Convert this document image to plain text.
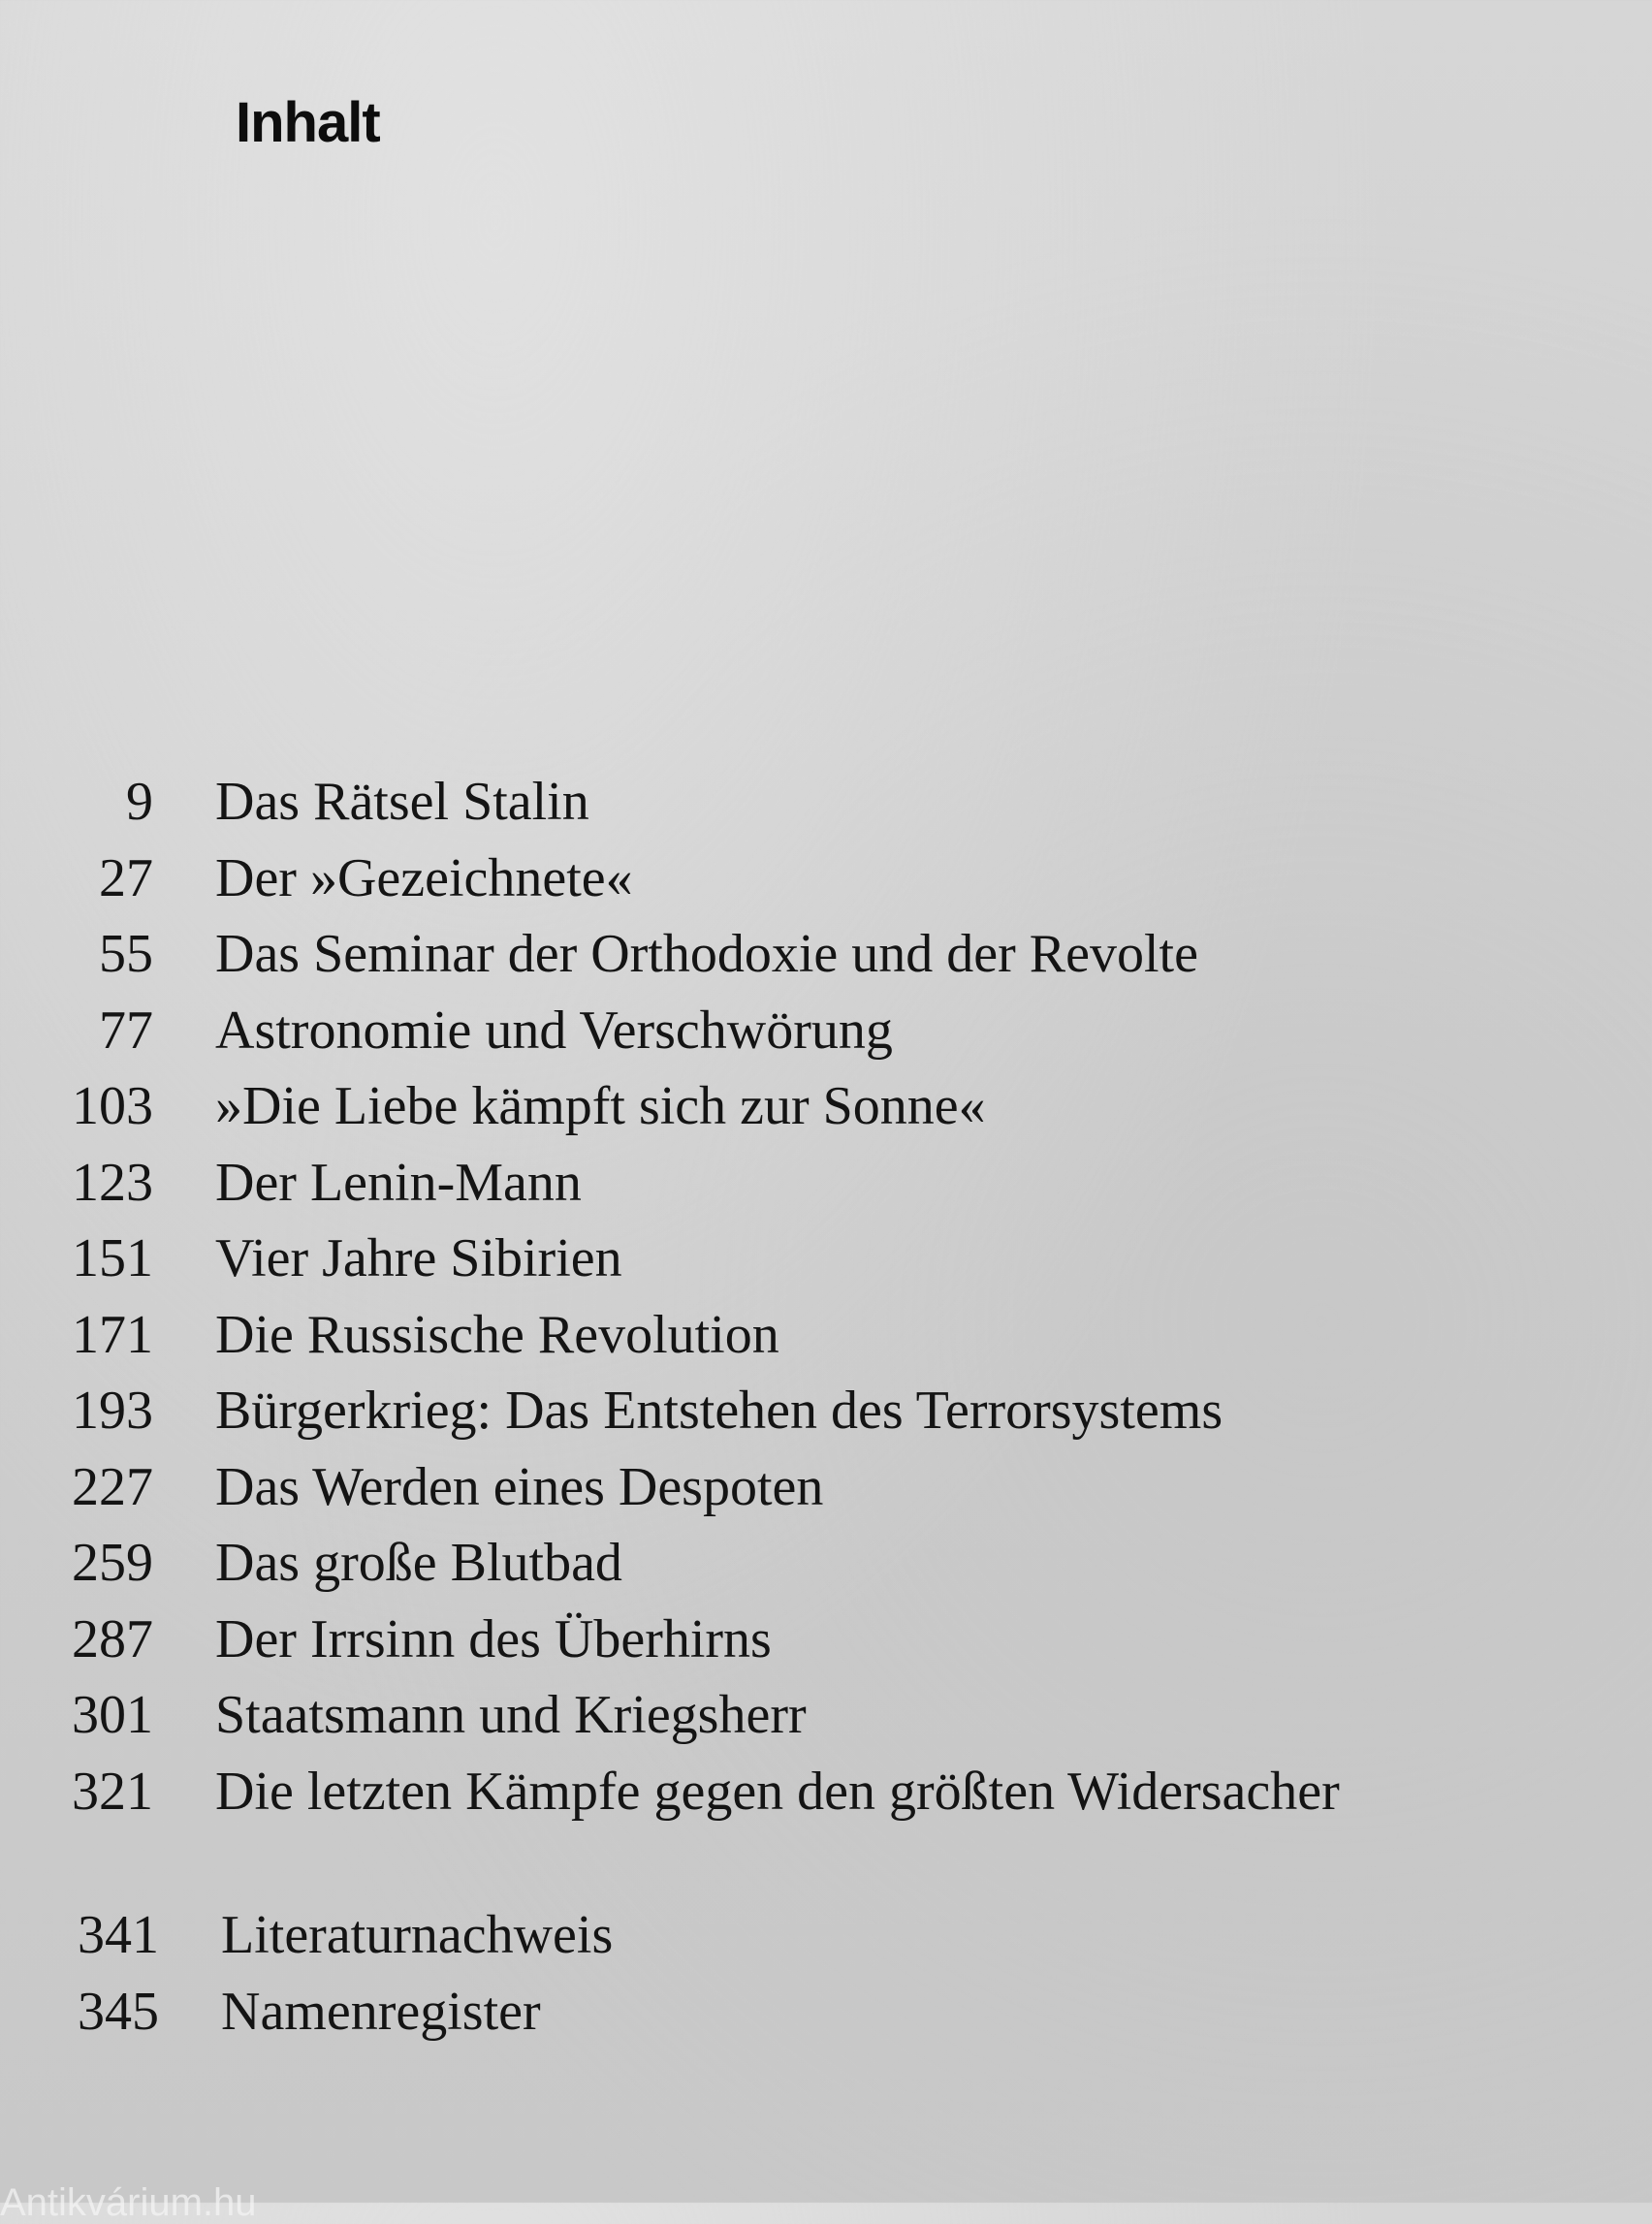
Inhalt
9	Das Rätsel Stalin
27	Der »Gezeichnete«
55	Das Seminar der Orthodoxie und der Revolte
77	Astronomie und Verschwörung
103	»Die Liebe kämpft sich zur Sonne«
123	Der Lenin-Mann
151	Vier Jahre Sibirien
171	Die Russische Revolution
193	Bürgerkrieg: Das Entstehen des Terrorsystems
227	Das Werden eines Despoten
259	Das große Blutbad
287	Der Irrsinn des Überhirns
301	Staatsmann und Kriegsherr
321	Die letzten Kämpfe gegen den größten Widersacher
341	Literaturnachweis
345	Namenregister
Antikvárium.hu
